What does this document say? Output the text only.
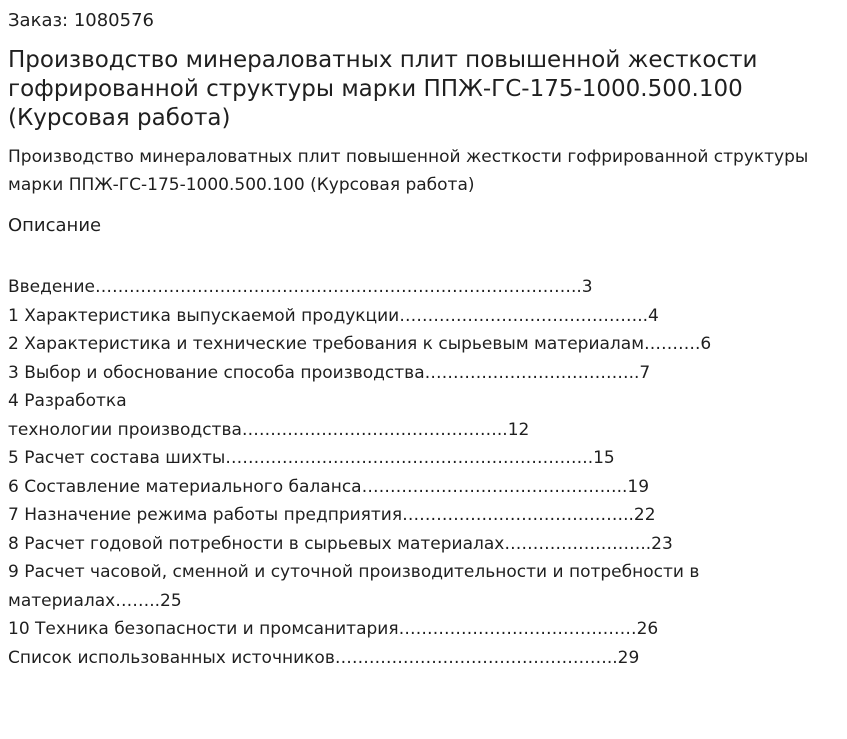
Заказ: 1080576
Производство минераловатных плит повышенной жесткости гофрированной структуры марки ППЖ-ГС-175-1000.500.100 (Курсовая работа)
Производство минераловатных плит повышенной жесткости гофрированной структуры марки ППЖ-ГС-175-1000.500.100 (Курсовая работа)
Описание
Введение…………………………………………………………………………..3
1 Характеристика выпускаемой продукции……………………………………..4
2 Характеристика и технические требования к сырьевым материалам……….6
3 Выбор и обоснование способа производства………………………………..7
4 Разработка
технологии производства………………………………………..12
5 Расчет состава шихты………………………………………………………..15
6 Составление материального баланса………………………………………..19
7 Назначение режима работы предприятия…………………………………..22
8 Расчет годовой потребности в сырьевых материалах……………………..23
9 Расчет часовой, сменной и суточной производительности и потребности в материалах……..25
10 Техника безопасности и промсанитария……………………………………26
Список использованных источников…………………………………………..29
